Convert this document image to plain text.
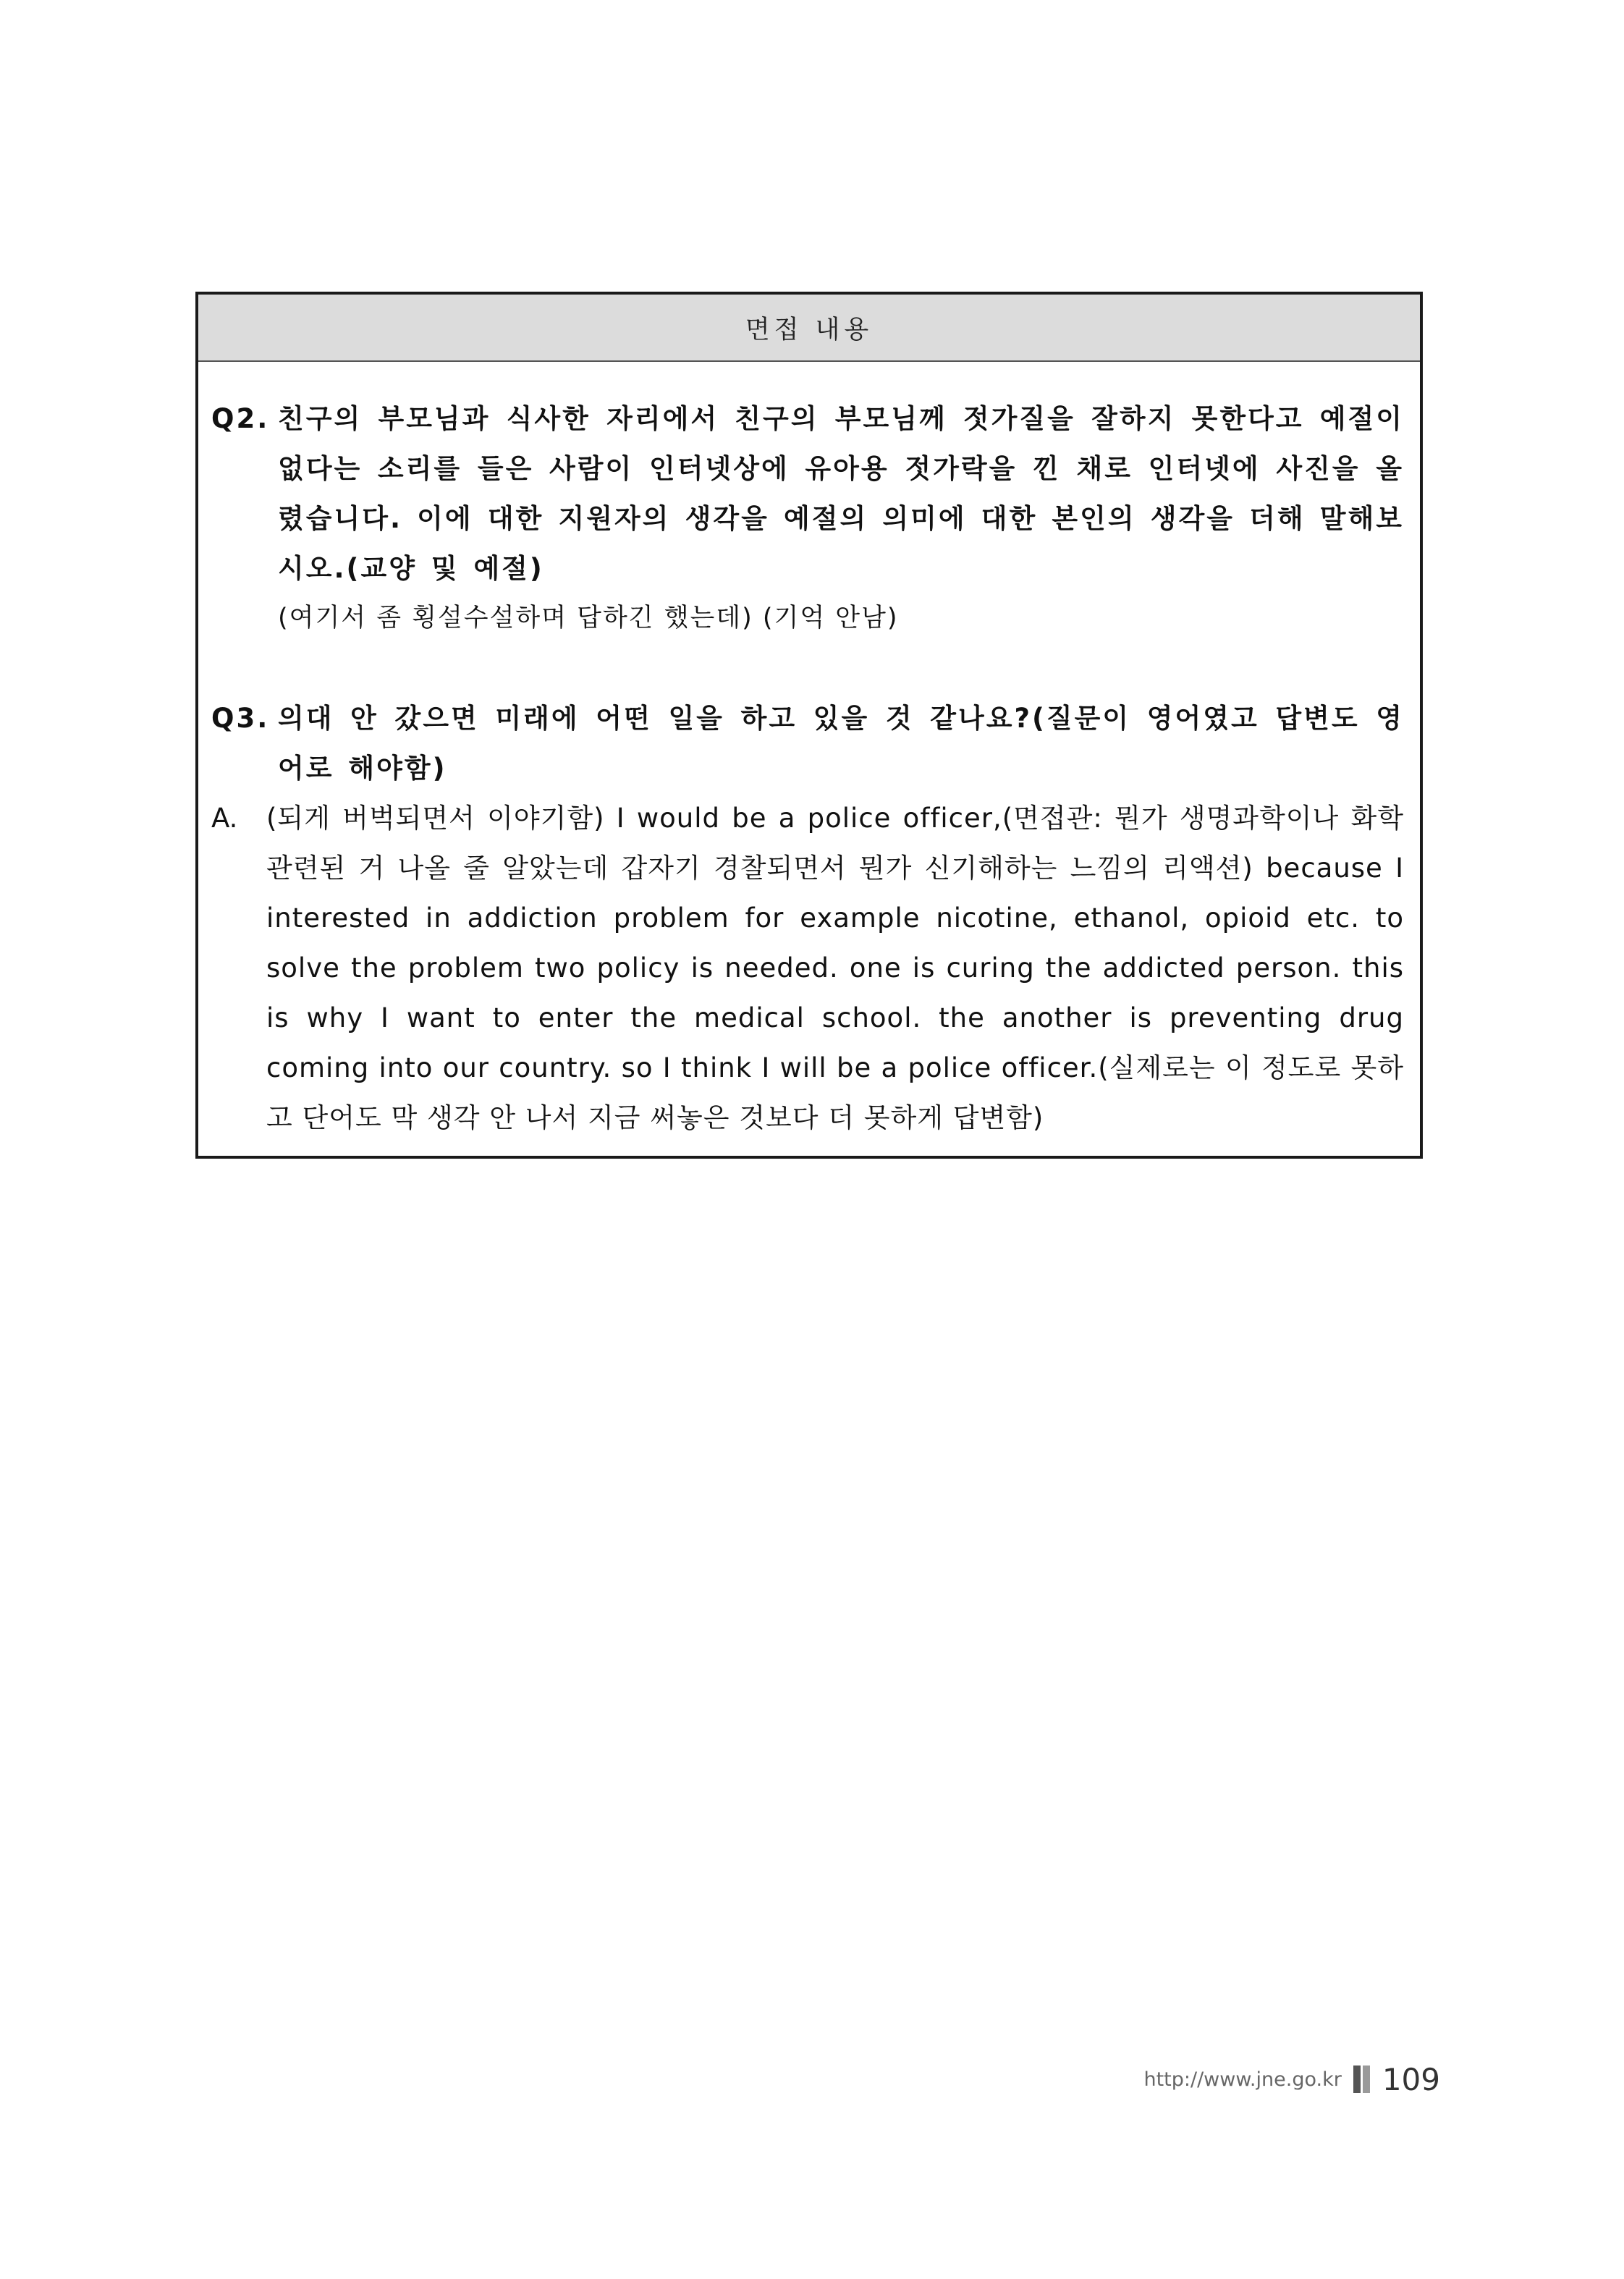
면접 내용
Q2. 친구의 부모님과 식사한 자리에서 친구의 부모님께 젓가질을 잘하지 못한다고 예절이 없다는 소리를 들은 사람이 인터넷상에 유아용 젓가락을 낀 채로 인터넷에 사진을 올렸습니다. 이에 대한 지원자의 생각을 예절의 의미에 대한 본인의 생각을 더해 말해보시오.(교양 및 예절)
(여기서 좀 횡설수설하며 답하긴 했는데) (기억 안남)
Q3. 의대 안 갔으면 미래에 어떤 일을 하고 있을 것 같나요?(질문이 영어였고 답변도 영어로 해야함)
A.	(되게 버벅되면서 이야기함) I would be a police officer,(면접관: 뭔가 생명과학이나 화학 관련된 거 나올 줄 알았는데 갑자기 경찰되면서 뭔가 신기해하는 느낌의 리액션) because I interested in addiction problem for example nicotine, ethanol, opioid etc. to solve the problem two policy is needed. one is curing the addicted person. this is why I want to enter the medical school. the another is preventing drug coming into our country. so I think I will be a police officer.(실제로는 이 정도로 못하고 단어도 막 생각 안 나서 지금 써놓은 것보다 더 못하게 답변함)
http://www.jne.go.kr 109
